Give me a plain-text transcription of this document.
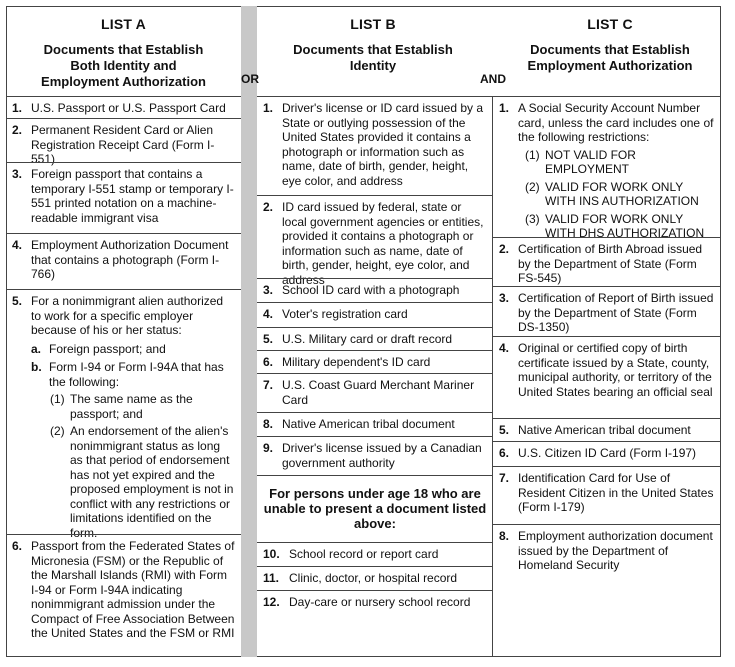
LIST A
Documents that Establish
Both Identity and
Employment Authorization	OR
LIST B
Documents that Establish
Identity
AND
LIST C
Documents that Establish
Employment Authorization
1. U.S. Passport or U.S. Passport Card
2. Permanent Resident Card or Alien Registration Receipt Card (Form I-551)
3. Foreign passport that contains a temporary I-551 stamp or temporary I-551 printed notation on a machine-readable immigrant visa
4. Employment Authorization Document that contains a photograph (Form I-766)
5. For a nonimmigrant alien authorized to work for a specific employer because of his or her status:
a. Foreign passport; and
b. Form I-94 or Form I-94A that has the following:
(1) The same name as the passport; and
(2) An endorsement of the alien's nonimmigrant status as long as that period of endorsement has not yet expired and the proposed employment is not in conflict with any restrictions or limitations identified on the form.
6. Passport from the Federated States of Micronesia (FSM) or the Republic of the Marshall Islands (RMI) with Form I-94 or Form I-94A indicating nonimmigrant admission under the Compact of Free Association Between the United States and the FSM or RMI
1. Driver's license or ID card issued by a State or outlying possession of the United States provided it contains a photograph or information such as name, date of birth, gender, height, eye color, and address
2. ID card issued by federal, state or local government agencies or entities, provided it contains a photograph or information such as name, date of birth, gender, height, eye color, and address
3. School ID card with a photograph
4. Voter's registration card
5. U.S. Military card or draft record
6. Military dependent's ID card
7. U.S. Coast Guard Merchant Mariner Card
8. Native American tribal document
9. Driver's license issued by a Canadian government authority
For persons under age 18 who are unable to present a document listed above:
10. School record or report card
11. Clinic, doctor, or hospital record
12. Day-care or nursery school record
1. A Social Security Account Number card, unless the card includes one of the following restrictions:
(1) NOT VALID FOR EMPLOYMENT
(2) VALID FOR WORK ONLY WITH INS AUTHORIZATION
(3) VALID FOR WORK ONLY WITH DHS AUTHORIZATION
2. Certification of Birth Abroad issued by the Department of State (Form FS-545)
3. Certification of Report of Birth issued by the Department of State (Form DS-1350)
4. Original or certified copy of birth certificate issued by a State, county, municipal authority, or territory of the United States bearing an official seal
5. Native American tribal document
6. U.S. Citizen ID Card (Form I-197)
7. Identification Card for Use of Resident Citizen in the United States (Form I-179)
8. Employment authorization document issued by the Department of Homeland Security
